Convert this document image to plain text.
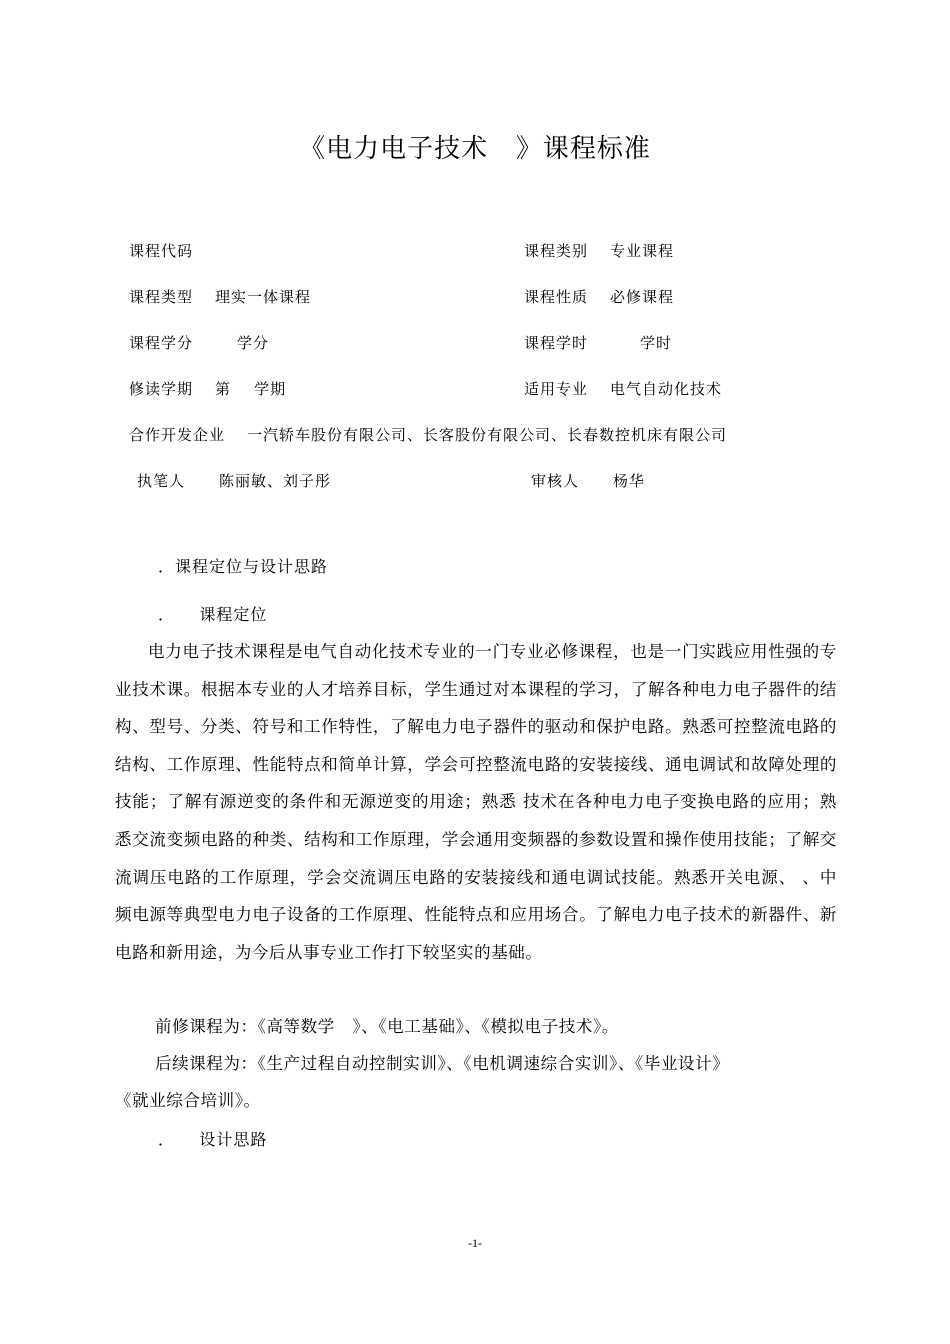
《电力电子技术   》课程标准
课程代码	课程类别 专业课程
课程类型 理实一体课程	课程性质 必修课程
课程学分	学分	课程学时	学时
修读学期 第    学期	适用专业 电气自动化技术
合作开发企业 一汽轿车股份有限公司、长客股份有限公司、长春数控机床有限公司
执笔人 陈丽敏、刘子彤	审核人 杨华
．课程定位与设计思路
．    课程定位
电力电子技术课程是电气自动化技术专业的一门专业必修课程，也是一门实践应用性强的专业技术课。根据本专业的人才培养目标，学生通过对本课程的学习，了解各种电力电子器件的结构、型号、分类、符号和工作特性，了解电力电子器件的驱动和保护电路。熟悉可控整流电路的结构、工作原理、性能特点和简单计算，学会可控整流电路的安装接线、通电调试和故障处理的技能；了解有源逆变的条件和无源逆变的用途；熟悉 技术在各种电力电子变换电路的应用；熟悉交流变频电路的种类、结构和工作原理，学会通用变频器的参数设置和操作使用技能；了解交流调压电路的工作原理，学会交流调压电路的安装接线和通电调试技能。熟悉开关电源、 、中频电源等典型电力电子设备的工作原理、性能特点和应用场合。了解电力电子技术的新器件、新电路和新用途，为今后从事专业工作打下较坚实的基础。
前修课程为：《高等数学   》、《电工基础》、《模拟电子技术》。
后续课程为：《生产过程自动控制实训》、《电机调速综合实训》、《毕业设计》
《就业综合培训》。
．    设计思路
-1-
